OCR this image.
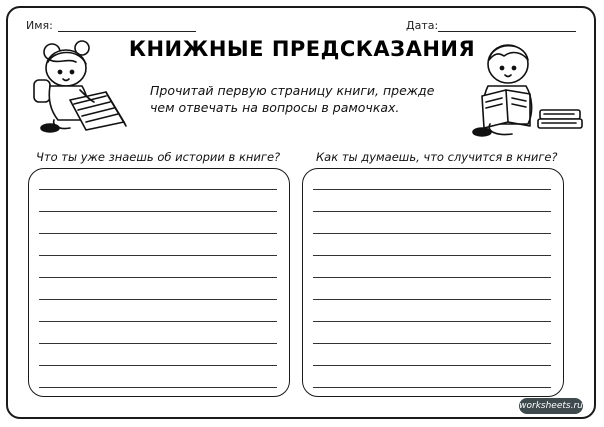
Имя:	Дата:
КНИЖНЫЕ ПРЕДСКАЗАНИЯ
Прочитай первую страницу книги, прежде чем отвечать на вопросы в рамочках.
Что ты уже знаешь об истории в книге?	Как ты думаешь, что случится в книге?
worksheets.ru
